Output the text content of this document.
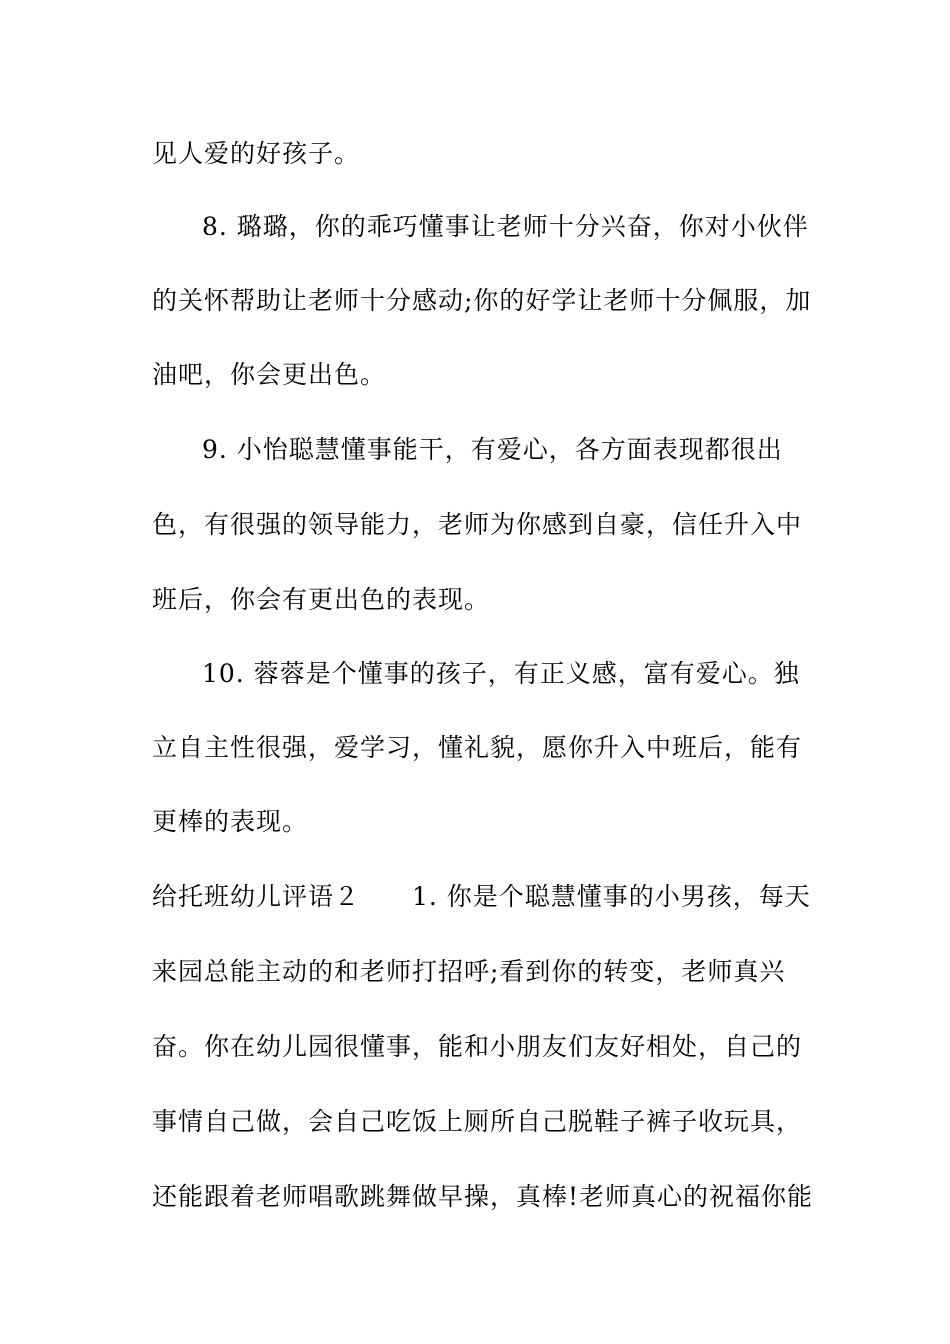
见人爱的好孩子。
8. 璐璐，你的乖巧懂事让老师十分兴奋，你对小伙伴
的关怀帮助让老师十分感动;你的好学让老师十分佩服，加
油吧，你会更出色。
9. 小怡聪慧懂事能干，有爱心，各方面表现都很出
色，有很强的领导能力，老师为你感到自豪，信任升入中
班后，你会有更出色的表现。
10. 蓉蓉是个懂事的孩子，有正义感，富有爱心。独
立自主性很强，爱学习，懂礼貌，愿你升入中班后，能有
更棒的表现。
给托班幼儿评语２　　1. 你是个聪慧懂事的小男孩，每天
来园总能主动的和老师打招呼;看到你的转变，老师真兴
奋。你在幼儿园很懂事，能和小朋友们友好相处，自己的
事情自己做，会自己吃饭上厕所自己脱鞋子裤子收玩具，
还能跟着老师唱歌跳舞做早操，真棒!老师真心的祝福你能
